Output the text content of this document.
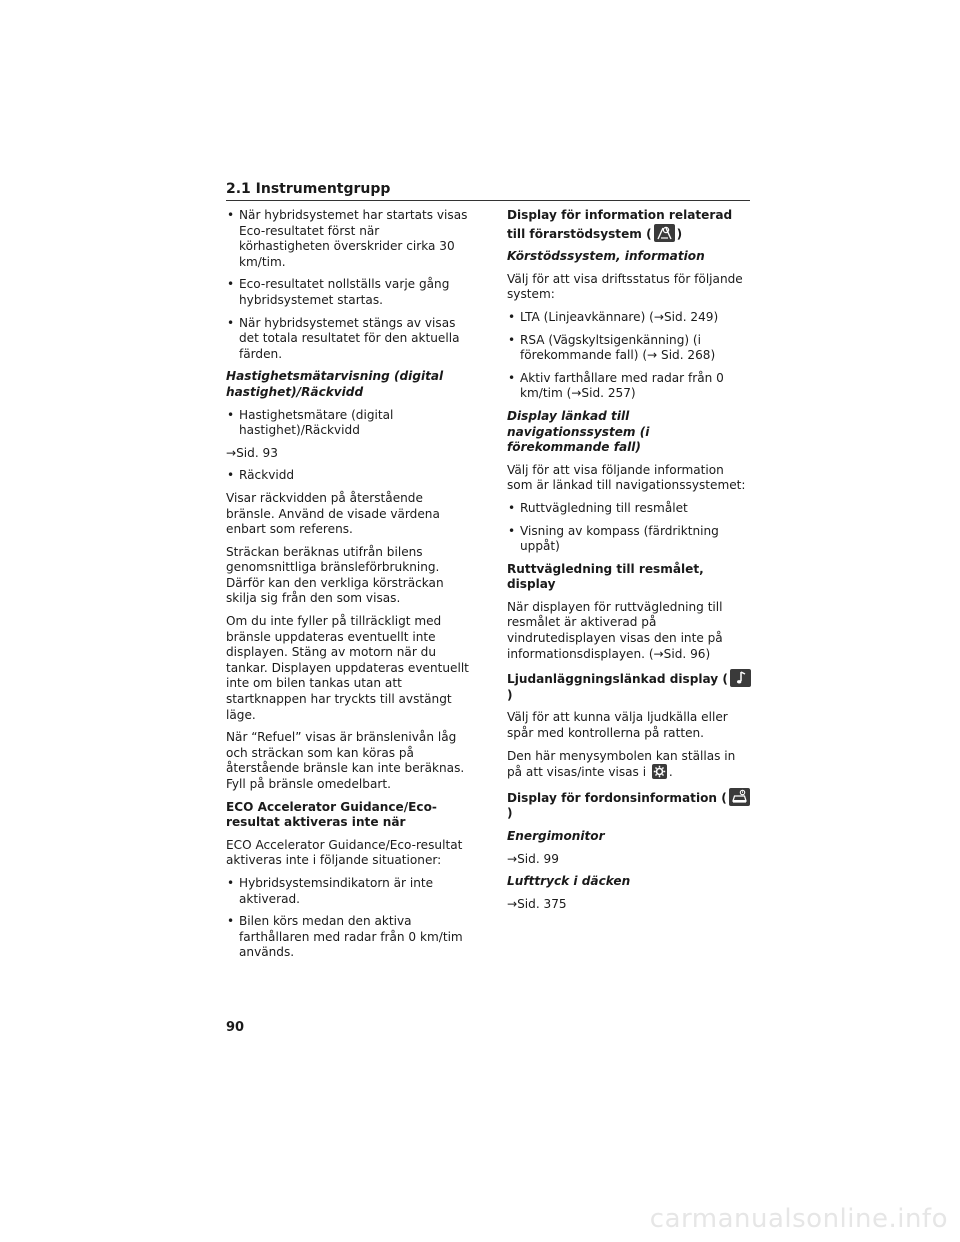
2.1 Instrumentgrupp
• När hybridsystemet har startats visas Eco-resultatet först när körhastigheten överskrider cirka 30 km/tim.
• Eco-resultatet nollställs varje gång hybridsystemet startas.
• När hybridsystemet stängs av visas det totala resultatet för den aktuella färden.

Hastighetsmätarvisning (digital hastighet)/Räckvidd

• Hastighetsmätare (digital hastighet)/Räckvidd

→Sid. 93

• Räckvidd

Visar räckvidden på återstående bränsle. Använd de visade värdena enbart som referens.

Sträckan beräknas utifrån bilens genomsnittliga bränsleförbrukning. Därför kan den verkliga körsträckan skilja sig från den som visas.

Om du inte fyller på tillräckligt med bränsle uppdateras eventuellt inte displayen. Stäng av motorn när du tankar. Displayen uppdateras eventuellt inte om bilen tankas utan att startknappen har tryckts till avstängt läge.

När “Refuel” visas är bränslenivån låg och sträckan som kan köras på återstående bränsle kan inte beräknas. Fyll på bränsle omedelbart.

ECO Accelerator Guidance/Eco-resultat aktiveras inte när

ECO Accelerator Guidance/Eco-resultat aktiveras inte i följande situationer:

• Hybridsystemsindikatorn är inte aktiverad.
• Bilen körs medan den aktiva farthållaren med radar från 0 km/tim används.

Display för information relaterad till förarstödsystem ( )

Körstödssystem, information

Välj för att visa driftsstatus för följande system:

• LTA (Linjeavkännare) (→Sid. 249)
• RSA (Vägskyltsigenkänning) (i förekommande fall) (→ Sid. 268)
• Aktiv farthållare med radar från 0 km/tim (→Sid. 257)

Display länkad till navigationssystem (i förekommande fall)

Välj för att visa följande information som är länkad till navigationssystemet:

• Ruttvägledning till resmålet
• Visning av kompass (färdriktning uppåt)

Ruttvägledning till resmålet, display

När displayen för ruttvägledning till resmålet är aktiverad på vindrutedisplayen visas den inte på informationsdisplayen. (→Sid. 96)

Ljudanläggningslänkad display (
)

Välj för att kunna välja ljudkälla eller spår med kontrollerna på ratten.

Den här menysymbolen kan ställas in på att visas/inte visas i .

Display för fordonsinformation (
)

Energimonitor

→Sid. 99

Lufttryck i däcken

→Sid. 375

90
carmanualsonline.info
